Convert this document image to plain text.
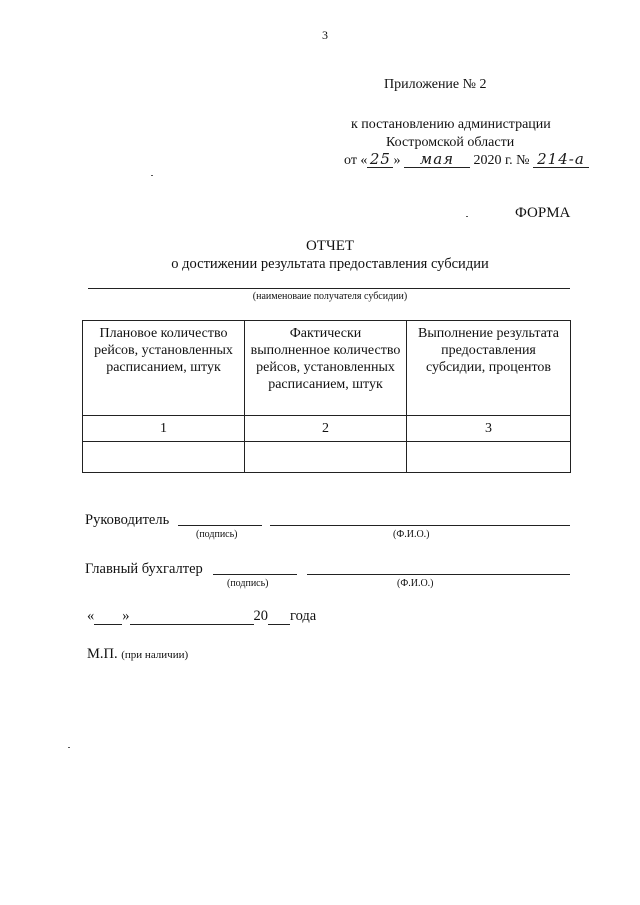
3
Приложение № 2
к постановлению администрации
Костромской области
от « 25 » мая 2020 г. № 214-а
ФОРМА
ОТЧЕТ
о достижении результата предоставления субсидии
(наименоваие получателя субсидии)
Плановое количество рейсов, установленных расписанием, штук	Фактически выполненное количество рейсов, установленных расписанием, штук	Выполнение результата предоставления субсидии, процентов
1	2	3

Руководитель
(подпись)	(Ф.И.О.)
Главный бухгалтер
(подпись)	(Ф.И.О.)
« »	20 года
М.П. (при наличии)
